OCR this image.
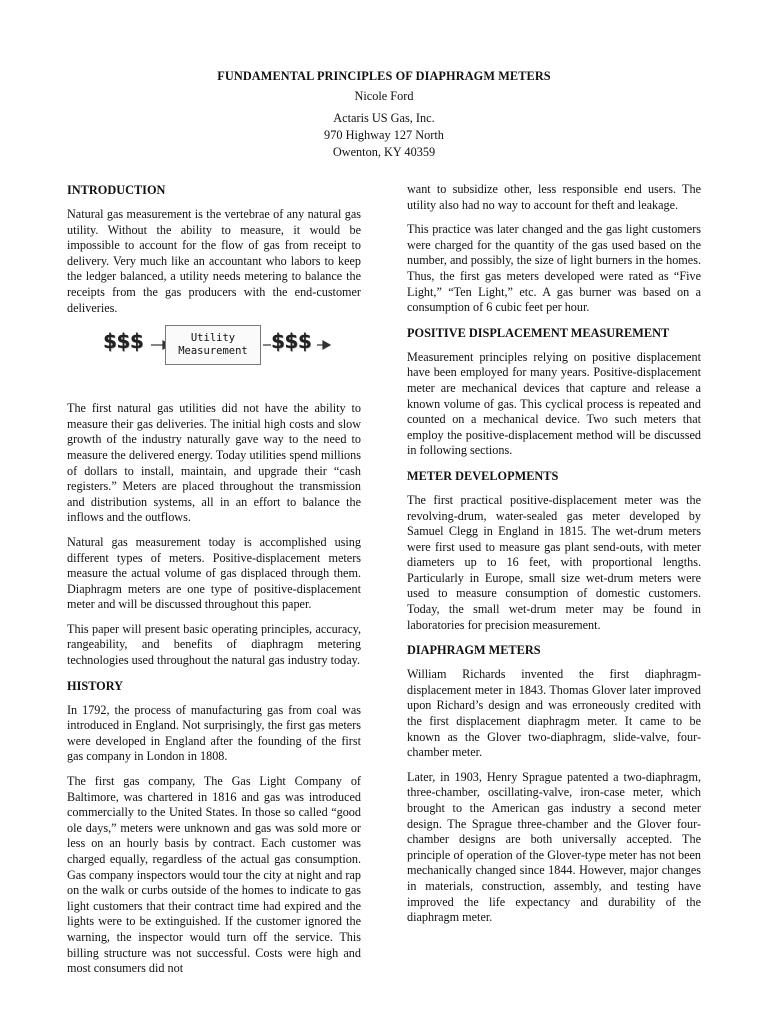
FUNDAMENTAL PRINCIPLES OF DIAPHRAGM METERS
Nicole Ford
Actaris US Gas, Inc.
970 Highway 127 North
Owenton, KY 40359
INTRODUCTION

Natural gas measurement is the vertebrae of any natural gas utility. Without the ability to measure, it would be impossible to account for the flow of gas from receipt to delivery. Very much like an accountant who labors to keep the ledger balanced, a utility needs metering to balance the receipts from the gas producers with the end-customer deliveries.

$$$	Utility
Measurement	$$$

The first natural gas utilities did not have the ability to measure their gas deliveries. The initial high costs and slow growth of the industry naturally gave way to the need to measure the delivered energy. Today utilities spend millions of dollars to install, maintain, and upgrade their “cash registers.” Meters are placed throughout the transmission and distribution systems, all in an effort to balance the inflows and the outflows.

Natural gas measurement today is accomplished using different types of meters. Positive-displacement meters measure the actual volume of gas displaced through them. Diaphragm meters are one type of positive-displacement meter and will be discussed throughout this paper.

This paper will present basic operating principles, accuracy, rangeability, and benefits of diaphragm metering technologies used throughout the natural gas industry today.

HISTORY

In 1792, the process of manufacturing gas from coal was introduced in England. Not surprisingly, the first gas meters were developed in England after the founding of the first gas company in London in 1808.

The first gas company, The Gas Light Company of Baltimore, was chartered in 1816 and gas was introduced commercially to the United States. In those so called “good ole days,” meters were unknown and gas was sold more or less on an hourly basis by contract. Each customer was charged equally, regardless of the actual gas consumption. Gas company inspectors would tour the city at night and rap on the walk or curbs outside of the homes to indicate to gas light customers that their contract time had expired and the lights were to be extinguished. If the customer ignored the warning, the inspector would turn off the service. This billing structure was not successful. Costs were high and most consumers did not

want to subsidize other, less responsible end users. The utility also had no way to account for theft and leakage.

This practice was later changed and the gas light customers were charged for the quantity of the gas used based on the number, and possibly, the size of light burners in the homes. Thus, the first gas meters developed were rated as “Five Light,” “Ten Light,” etc. A gas burner was based on a consumption of 6 cubic feet per hour.

POSITIVE DISPLACEMENT MEASUREMENT

Measurement principles relying on positive displacement have been employed for many years. Positive-displacement meter are mechanical devices that capture and release a known volume of gas. This cyclical process is repeated and counted on a mechanical device. Two such meters that employ the positive-displacement method will be discussed in following sections.

METER DEVELOPMENTS

The first practical positive-displacement meter was the revolving-drum, water-sealed gas meter developed by Samuel Clegg in England in 1815. The wet-drum meters were first used to measure gas plant send-outs, with meter diameters up to 16 feet, with proportional lengths. Particularly in Europe, small size wet-drum meters were used to measure consumption of domestic customers. Today, the small wet-drum meter may be found in laboratories for precision measurement.

DIAPHRAGM METERS

William Richards invented the first diaphragm-displacement meter in 1843. Thomas Glover later improved upon Richard’s design and was erroneously credited with the first displacement diaphragm meter. It came to be known as the Glover two-diaphragm, slide-valve, four-chamber meter.

Later, in 1903, Henry Sprague patented a two-diaphragm, three-chamber, oscillating-valve, iron-case meter, which brought to the American gas industry a second meter design. The Sprague three-chamber and the Glover four-chamber designs are both universally accepted. The principle of operation of the Glover-type meter has not been mechanically changed since 1844. However, major changes in materials, construction, assembly, and testing have improved the life expectancy and durability of the diaphragm meter.
